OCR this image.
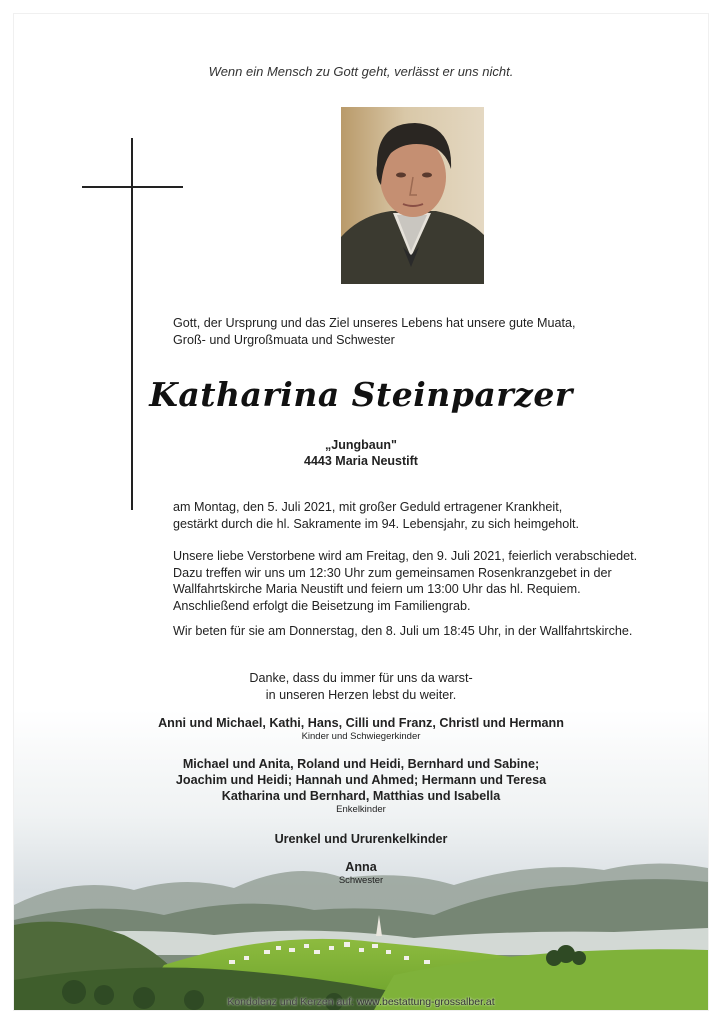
Wenn ein Mensch zu Gott geht, verlässt er uns nicht.
Gott, der Ursprung und das Ziel unseres Lebens hat unsere gute Muata,
Groß- und Urgroßmuata und Schwester
Katharina Steinparzer
„Jungbaun"
4443 Maria Neustift
am Montag, den 5. Juli 2021, mit großer Geduld ertragener Krankheit,
gestärkt durch die hl. Sakramente im 94. Lebensjahr, zu sich heimgeholt.
Unsere liebe Verstorbene wird am Freitag, den 9. Juli 2021, feierlich verabschiedet.
Dazu treffen wir uns um 12:30 Uhr zum gemeinsamen Rosenkranzgebet in der
Wallfahrtskirche Maria Neustift und feiern um 13:00 Uhr das hl. Requiem.
Anschließend erfolgt die Beisetzung im Familiengrab.
Wir beten für sie am Donnerstag, den 8. Juli um 18:45 Uhr, in der Wallfahrtskirche.
Danke, dass du immer für uns da warst-
in unseren Herzen lebst du weiter.
Anni und Michael, Kathi, Hans, Cilli und Franz, Christl und Hermann
Kinder und Schwiegerkinder
Michael und Anita, Roland und Heidi, Bernhard und Sabine;
Joachim und Heidi; Hannah und Ahmed; Hermann und Teresa
Katharina und Bernhard, Matthias und Isabella
Enkelkinder
Urenkel und Ururenkelkinder
Anna
Schwester
Kondolenz und Kerzen auf: www.bestattung-grossalber.at
